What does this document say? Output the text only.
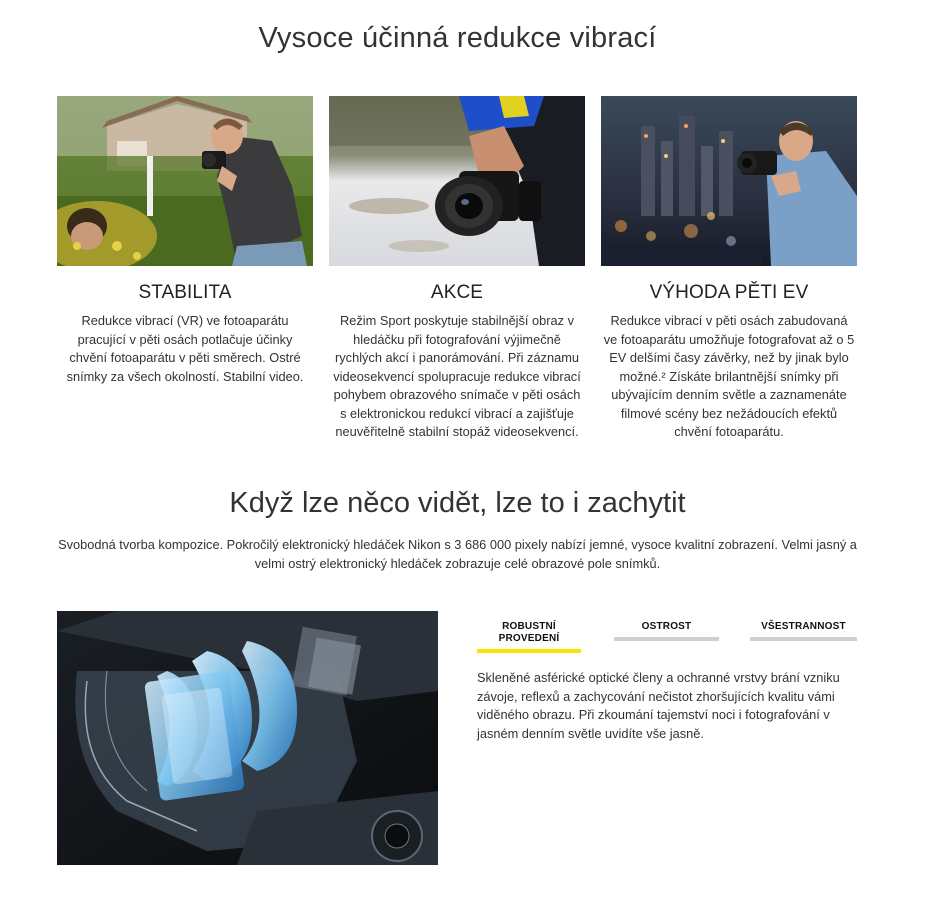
Vysoce účinná redukce vibrací
STABILITA
Redukce vibrací (VR) ve fotoaparátu pracující v pěti osách potlačuje účinky chvění fotoaparátu v pěti směrech. Ostré snímky za všech okolností. Stabilní video.
AKCE
Režim Sport poskytuje stabilnější obraz v hledáčku při fotografování výjimečně rychlých akcí i panorámování. Při záznamu videosekvencí spolupracuje redukce vibrací pohybem obrazového snímače v pěti osách s elektronickou redukcí vibrací a zajišťuje neuvěřitelně stabilní stopáž videosekvencí.
VÝHODA PĚTI EV
Redukce vibrací v pěti osách zabudovaná ve fotoaparátu umožňuje fotografovat až o 5 EV delšími časy závěrky, než by jinak bylo možné.² Získáte brilantnější snímky při ubývajícím denním světle a zaznamenáte filmové scény bez nežádoucích efektů chvění fotoaparátu.
Když lze něco vidět, lze to i zachytit
Svobodná tvorba kompozice. Pokročilý elektronický hledáček Nikon s 3 686 000 pixely nabízí jemné, vysoce kvalitní zobrazení. Velmi jasný a velmi ostrý elektronický hledáček zobrazuje celé obrazové pole snímků.
ROBUSTNÍ
PROVEDENÍ
OSTROST	VŠESTRANNOST
Skleněné asférické optické členy a ochranné vrstvy brání vzniku závoje, reflexů a zachycování nečistot zhoršujících kvalitu vámi viděného obrazu. Při zkoumání tajemství noci i fotografování v jasném denním světle uvidíte vše jasně.
